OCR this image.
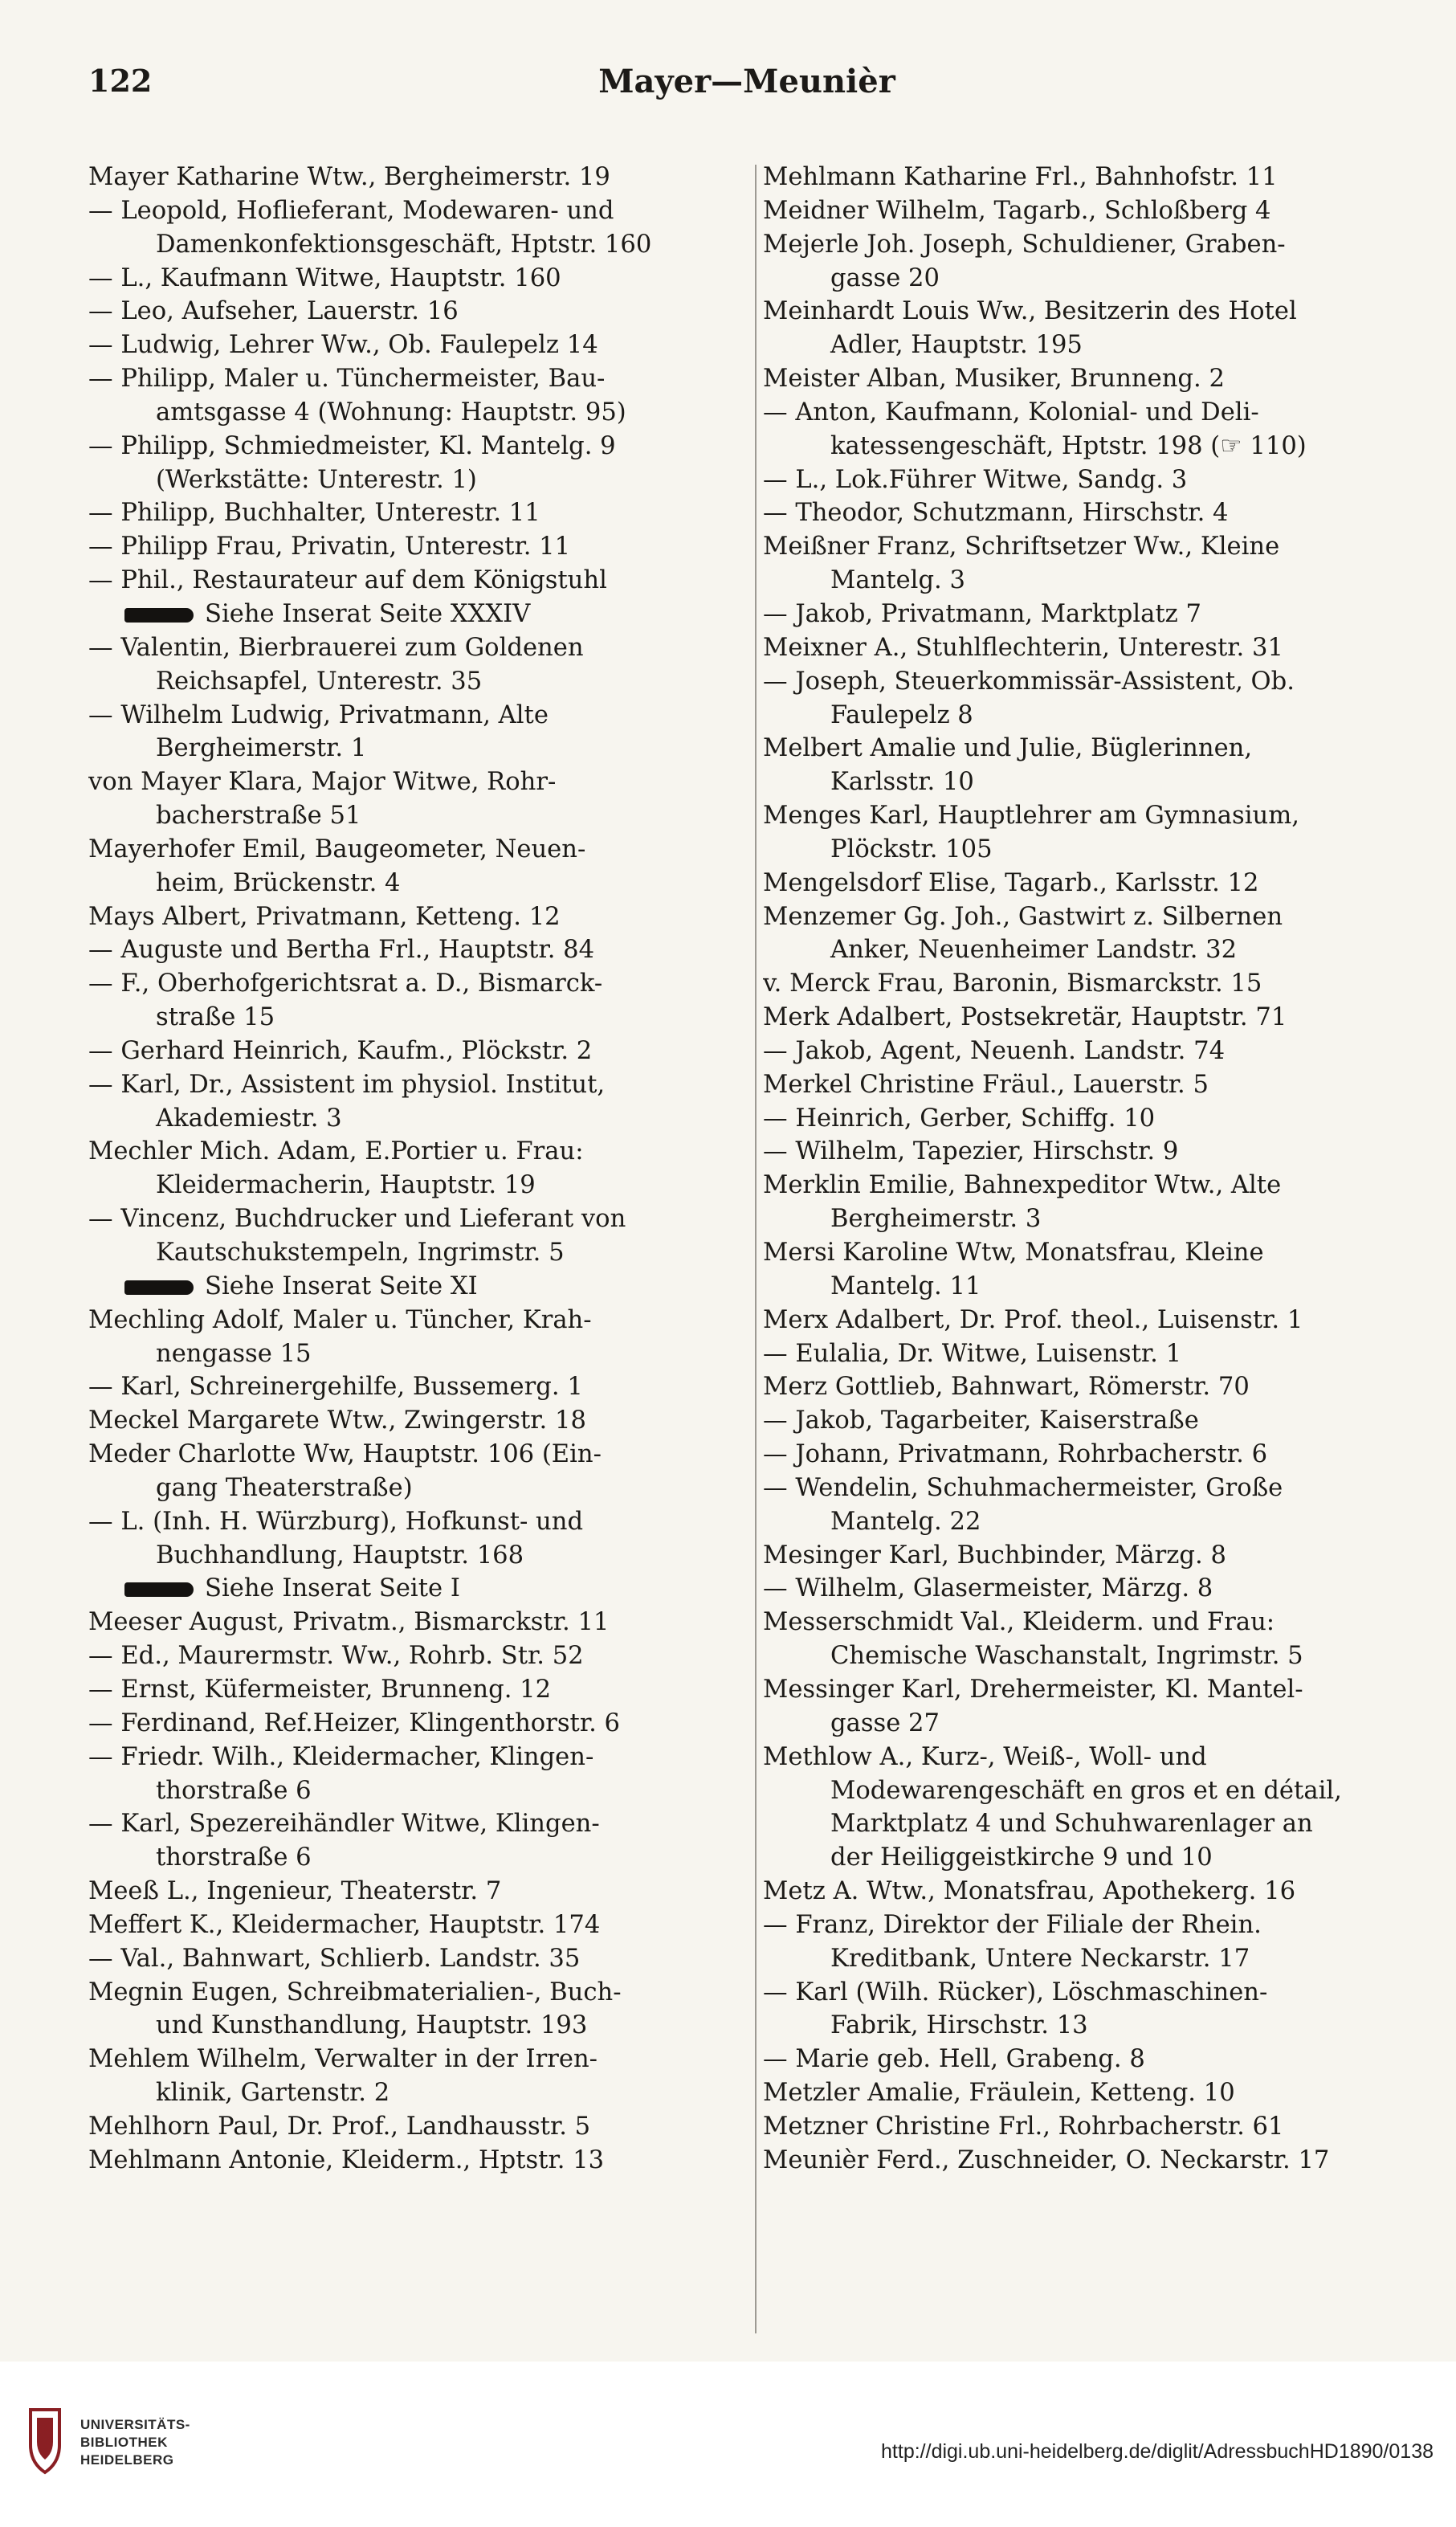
122	Mayer—Meunièr
Mayer Katharine Wtw., Bergheimerstr. 19
— Leopold, Hoflieferant, Modewaren- und
Damenkonfektionsgeschäft, Hptstr. 160
— L., Kaufmann Witwe, Hauptstr. 160
— Leo, Aufseher, Lauerstr. 16
— Ludwig, Lehrer Ww., Ob. Faulepelz 14
— Philipp, Maler u. Tünchermeister, Bau-
amtsgasse 4 (Wohnung: Hauptstr. 95)
— Philipp, Schmiedmeister, Kl. Mantelg. 9
(Werkstätte: Unterestr. 1)
— Philipp, Buchhalter, Unterestr. 11
— Philipp Frau, Privatin, Unterestr. 11
— Phil., Restaurateur auf dem Königstuhl
Siehe Inserat Seite XXXIV
— Valentin, Bierbrauerei zum Goldenen
Reichsapfel, Unterestr. 35
— Wilhelm Ludwig, Privatmann, Alte
Bergheimerstr. 1
von Mayer Klara, Major Witwe, Rohr-
bacherstraße 51
Mayerhofer Emil, Baugeometer, Neuen-
heim, Brückenstr. 4
Mays Albert, Privatmann, Ketteng. 12
— Auguste und Bertha Frl., Hauptstr. 84
— F., Oberhofgerichtsrat a. D., Bismarck-
straße 15
— Gerhard Heinrich, Kaufm., Plöckstr. 2
— Karl, Dr., Assistent im physiol. Institut,
Akademiestr. 3
Mechler Mich. Adam, E.Portier u. Frau:
Kleidermacherin, Hauptstr. 19
— Vincenz, Buchdrucker und Lieferant von
Kautschukstempeln, Ingrimstr. 5
Siehe Inserat Seite XI
Mechling Adolf, Maler u. Tüncher, Krah-
nengasse 15
— Karl, Schreinergehilfe, Bussemerg. 1
Meckel Margarete Wtw., Zwingerstr. 18
Meder Charlotte Ww, Hauptstr. 106 (Ein-
gang Theaterstraße)
— L. (Inh. H. Würzburg), Hofkunst- und
Buchhandlung, Hauptstr. 168
Siehe Inserat Seite I
Meeser August, Privatm., Bismarckstr. 11
— Ed., Maurermstr. Ww., Rohrb. Str. 52
— Ernst, Küfermeister, Brunneng. 12
— Ferdinand, Ref.Heizer, Klingenthorstr. 6
— Friedr. Wilh., Kleidermacher, Klingen-
thorstraße 6
— Karl, Spezereihändler Witwe, Klingen-
thorstraße 6
Meeß L., Ingenieur, Theaterstr. 7
Meffert K., Kleidermacher, Hauptstr. 174
— Val., Bahnwart, Schlierb. Landstr. 35
Megnin Eugen, Schreibmaterialien-, Buch-
und Kunsthandlung, Hauptstr. 193
Mehlem Wilhelm, Verwalter in der Irren-
klinik, Gartenstr. 2
Mehlhorn Paul, Dr. Prof., Landhausstr. 5
Mehlmann Antonie, Kleiderm., Hptstr. 13
Mehlmann Katharine Frl., Bahnhofstr. 11
Meidner Wilhelm, Tagarb., Schloßberg 4
Mejerle Joh. Joseph, Schuldiener, Graben-
gasse 20
Meinhardt Louis Ww., Besitzerin des Hotel
Adler, Hauptstr. 195
Meister Alban, Musiker, Brunneng. 2
— Anton, Kaufmann, Kolonial- und Deli-
katessengeschäft, Hptstr. 198 (☞ 110)
— L., Lok.Führer Witwe, Sandg. 3
— Theodor, Schutzmann, Hirschstr. 4
Meißner Franz, Schriftsetzer Ww., Kleine
Mantelg. 3
— Jakob, Privatmann, Marktplatz 7
Meixner A., Stuhlflechterin, Unterestr. 31
— Joseph, Steuerkommissär-Assistent, Ob.
Faulepelz 8
Melbert Amalie und Julie, Büglerinnen,
Karlsstr. 10
Menges Karl, Hauptlehrer am Gymnasium,
Plöckstr. 105
Mengelsdorf Elise, Tagarb., Karlsstr. 12
Menzemer Gg. Joh., Gastwirt z. Silbernen
Anker, Neuenheimer Landstr. 32
v. Merck Frau, Baronin, Bismarckstr. 15
Merk Adalbert, Postsekretär, Hauptstr. 71
— Jakob, Agent, Neuenh. Landstr. 74
Merkel Christine Fräul., Lauerstr. 5
— Heinrich, Gerber, Schiffg. 10
— Wilhelm, Tapezier, Hirschstr. 9
Merklin Emilie, Bahnexpeditor Wtw., Alte
Bergheimerstr. 3
Mersi Karoline Wtw, Monatsfrau, Kleine
Mantelg. 11
Merx Adalbert, Dr. Prof. theol., Luisenstr. 1
— Eulalia, Dr. Witwe, Luisenstr. 1
Merz Gottlieb, Bahnwart, Römerstr. 70
— Jakob, Tagarbeiter, Kaiserstraße
— Johann, Privatmann, Rohrbacherstr. 6
— Wendelin, Schuhmachermeister, Große
Mantelg. 22
Mesinger Karl, Buchbinder, Märzg. 8
— Wilhelm, Glasermeister, Märzg. 8
Messerschmidt Val., Kleiderm. und Frau:
Chemische Waschanstalt, Ingrimstr. 5
Messinger Karl, Drehermeister, Kl. Mantel-
gasse 27
Methlow A., Kurz-, Weiß-, Woll- und
Modewarengeschäft en gros et en détail,
Marktplatz 4 und Schuhwarenlager an
der Heiliggeistkirche 9 und 10
Metz A. Wtw., Monatsfrau, Apothekerg. 16
— Franz, Direktor der Filiale der Rhein.
Kreditbank, Untere Neckarstr. 17
— Karl (Wilh. Rücker), Löschmaschinen-
Fabrik, Hirschstr. 13
— Marie geb. Hell, Grabeng. 8
Metzler Amalie, Fräulein, Ketteng. 10
Metzner Christine Frl., Rohrbacherstr. 61
Meunièr Ferd., Zuschneider, O. Neckarstr. 17
UNIVERSITÄTS-
BIBLIOTHEK
HEIDELBERG	http://digi.ub.uni-heidelberg.de/diglit/AdressbuchHD1890/0138
